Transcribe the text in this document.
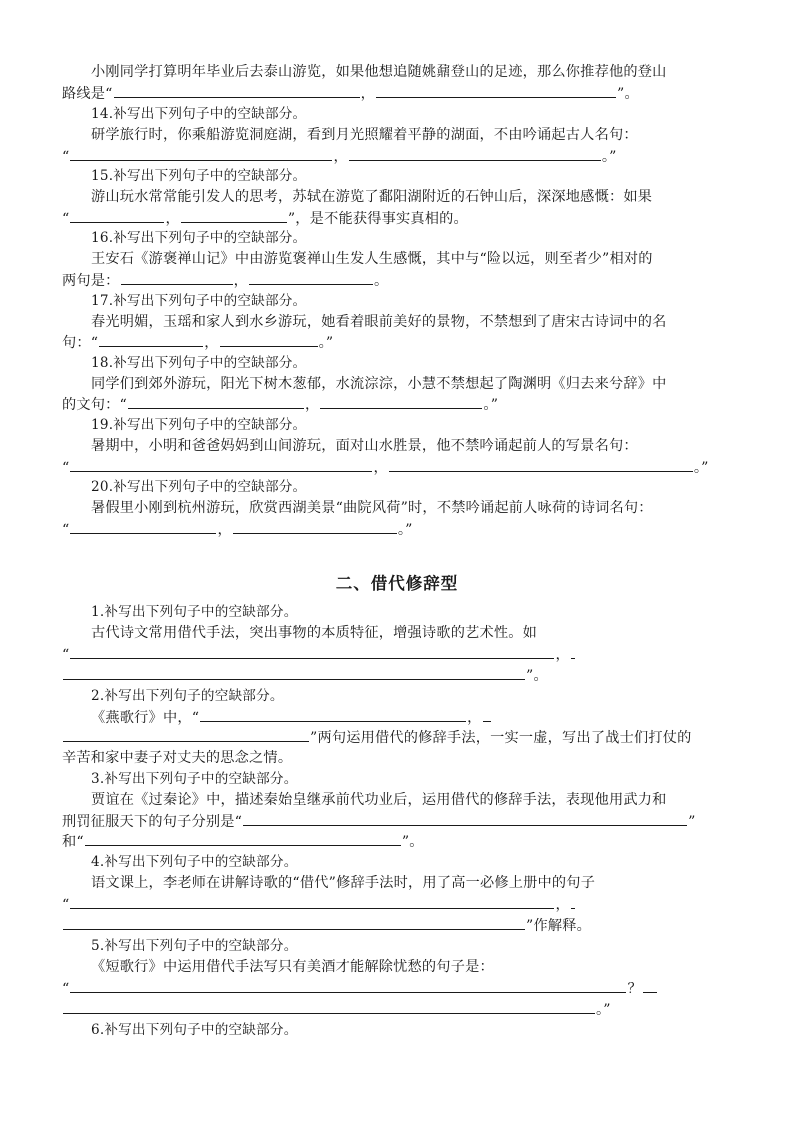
小刚同学打算明年毕业后去泰山游览，如果他想追随姚鼐登山的足迹，那么你推荐他的登山
路线是“	，	”。
14.补写出下列句子中的空缺部分。
研学旅行时，你乘船游览洞庭湖，看到月光照耀着平静的湖面，不由吟诵起古人名句：
“	，	。”
15.补写出下列句子中的空缺部分。
游山玩水常常能引发人的思考，苏轼在游览了鄱阳湖附近的石钟山后，深深地感慨：如果
“	，	”，是不能获得事实真相的。
16.补写出下列句子中的空缺部分。
王安石《游褒禅山记》中由游览褒禅山生发人生感慨，其中与“险以远，则至者少”相对的
两句是：	，	。
17.补写出下列句子中的空缺部分。
春光明媚，玉瑶和家人到水乡游玩，她看着眼前美好的景物，不禁想到了唐宋古诗词中的名
句：“	，	。”
18.补写出下列句子中的空缺部分。
同学们到郊外游玩，阳光下树木葱郁，水流淙淙，小慧不禁想起了陶渊明《归去来兮辞》中
的文句：“	，	。”
19.补写出下列句子中的空缺部分。
暑期中，小明和爸爸妈妈到山间游玩，面对山水胜景，他不禁吟诵起前人的写景名句：
“	，	。”
20.补写出下列句子中的空缺部分。
暑假里小刚到杭州游玩，欣赏西湖美景“曲院风荷”时，不禁吟诵起前人咏荷的诗词名句：
“	，	。”
二、借代修辞型
1.补写出下列句子中的空缺部分。
古代诗文常用借代手法，突出事物的本质特征，增强诗歌的艺术性。如
“	，
”。
2.补写出下列句子的空缺部分。
《燕歌行》中，“	，
”两句运用借代的修辞手法，一实一虚，写出了战士们打仗的
辛苦和家中妻子对丈夫的思念之情。
3.补写出下列句子中的空缺部分。
贾谊在《过秦论》中，描述秦始皇继承前代功业后，运用借代的修辞手法，表现他用武力和
刑罚征服天下的句子分别是“	”
和“	”。
4.补写出下列句子中的空缺部分。
语文课上，李老师在讲解诗歌的“借代”修辞手法时，用了高一必修上册中的句子
“	，
”作解释。
5.补写出下列句子中的空缺部分。
《短歌行》中运用借代手法写只有美酒才能解除忧愁的句子是：
“	？
。”
6.补写出下列句子中的空缺部分。
